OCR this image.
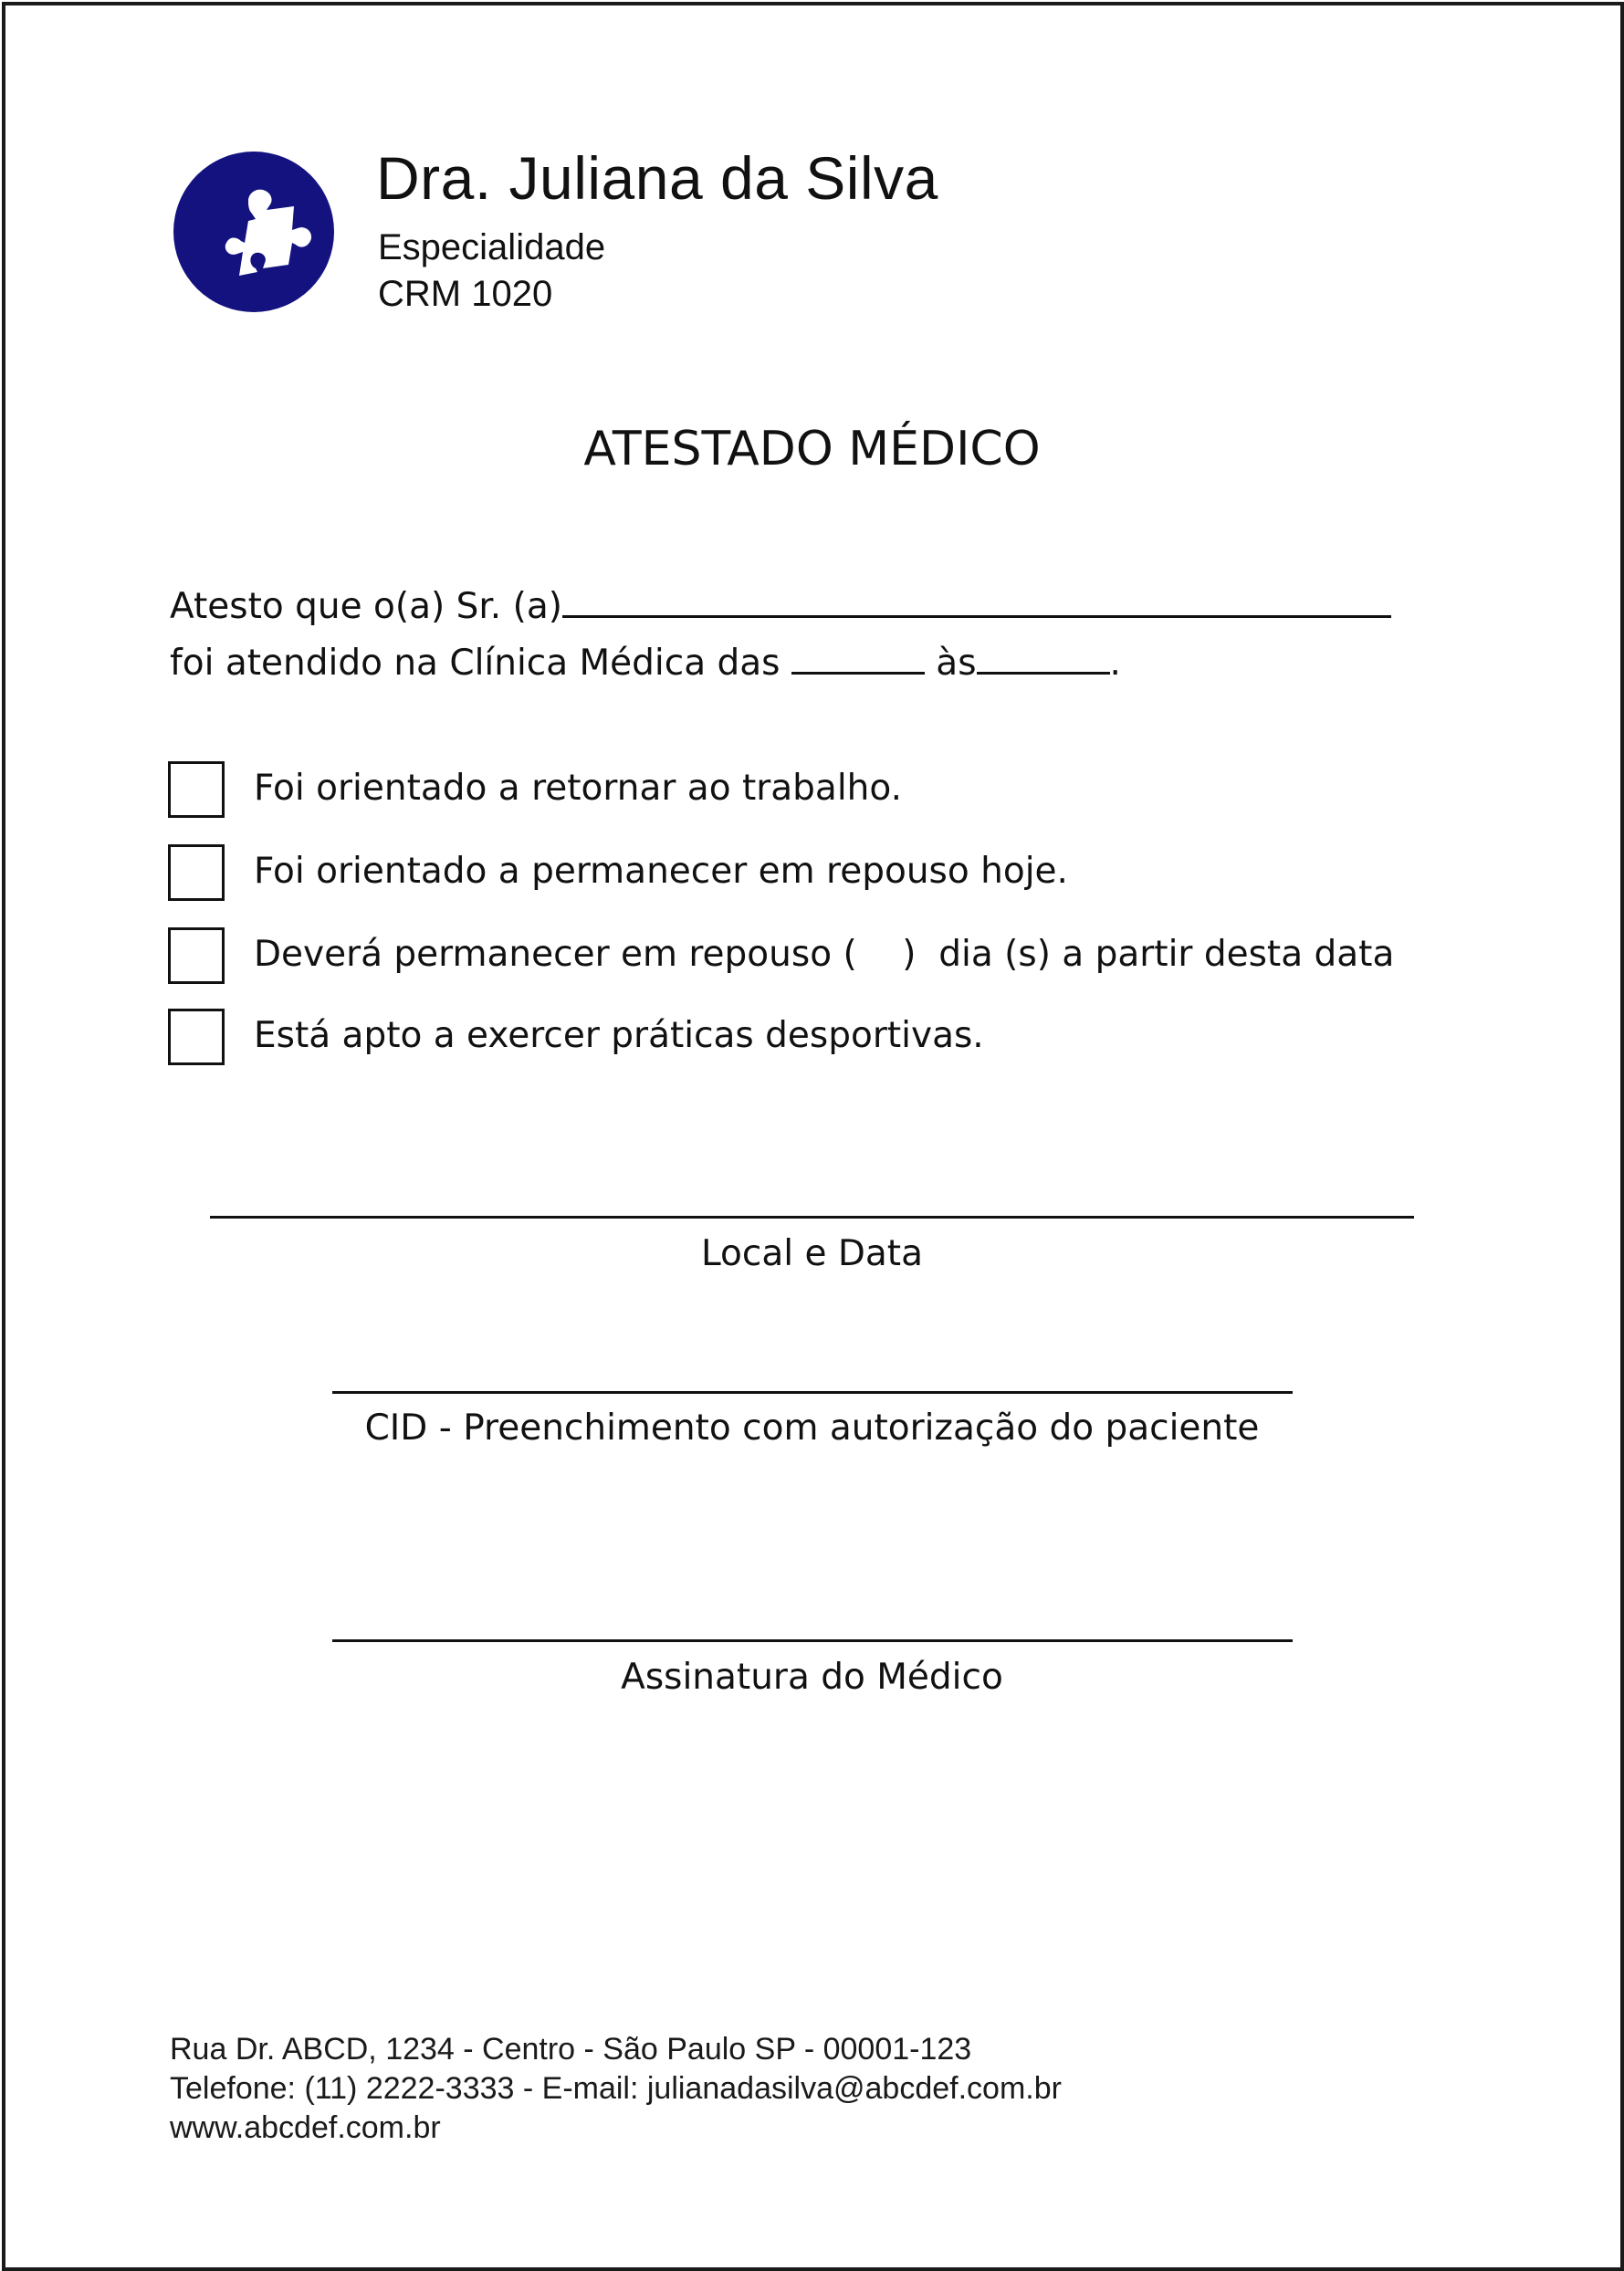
Dra. Juliana da Silva
Especialidade
CRM 1020
ATESTADO MÉDICO
Atesto que o(a) Sr. (a)
foi atendido na Clínica Médica das	às	.
Foi orientado a retornar ao trabalho.
Foi orientado a permanecer em repouso hoje.
Deverá permanecer em repouso (    )  dia (s) a partir desta data
Está apto a exercer práticas desportivas.
Local e Data
CID - Preenchimento com autorização do paciente
Assinatura do Médico
Rua Dr. ABCD, 1234 - Centro - São Paulo SP - 00001-123
Telefone: (11) 2222-3333 - E-mail: julianadasilva@abcdef.com.br
www.abcdef.com.br
